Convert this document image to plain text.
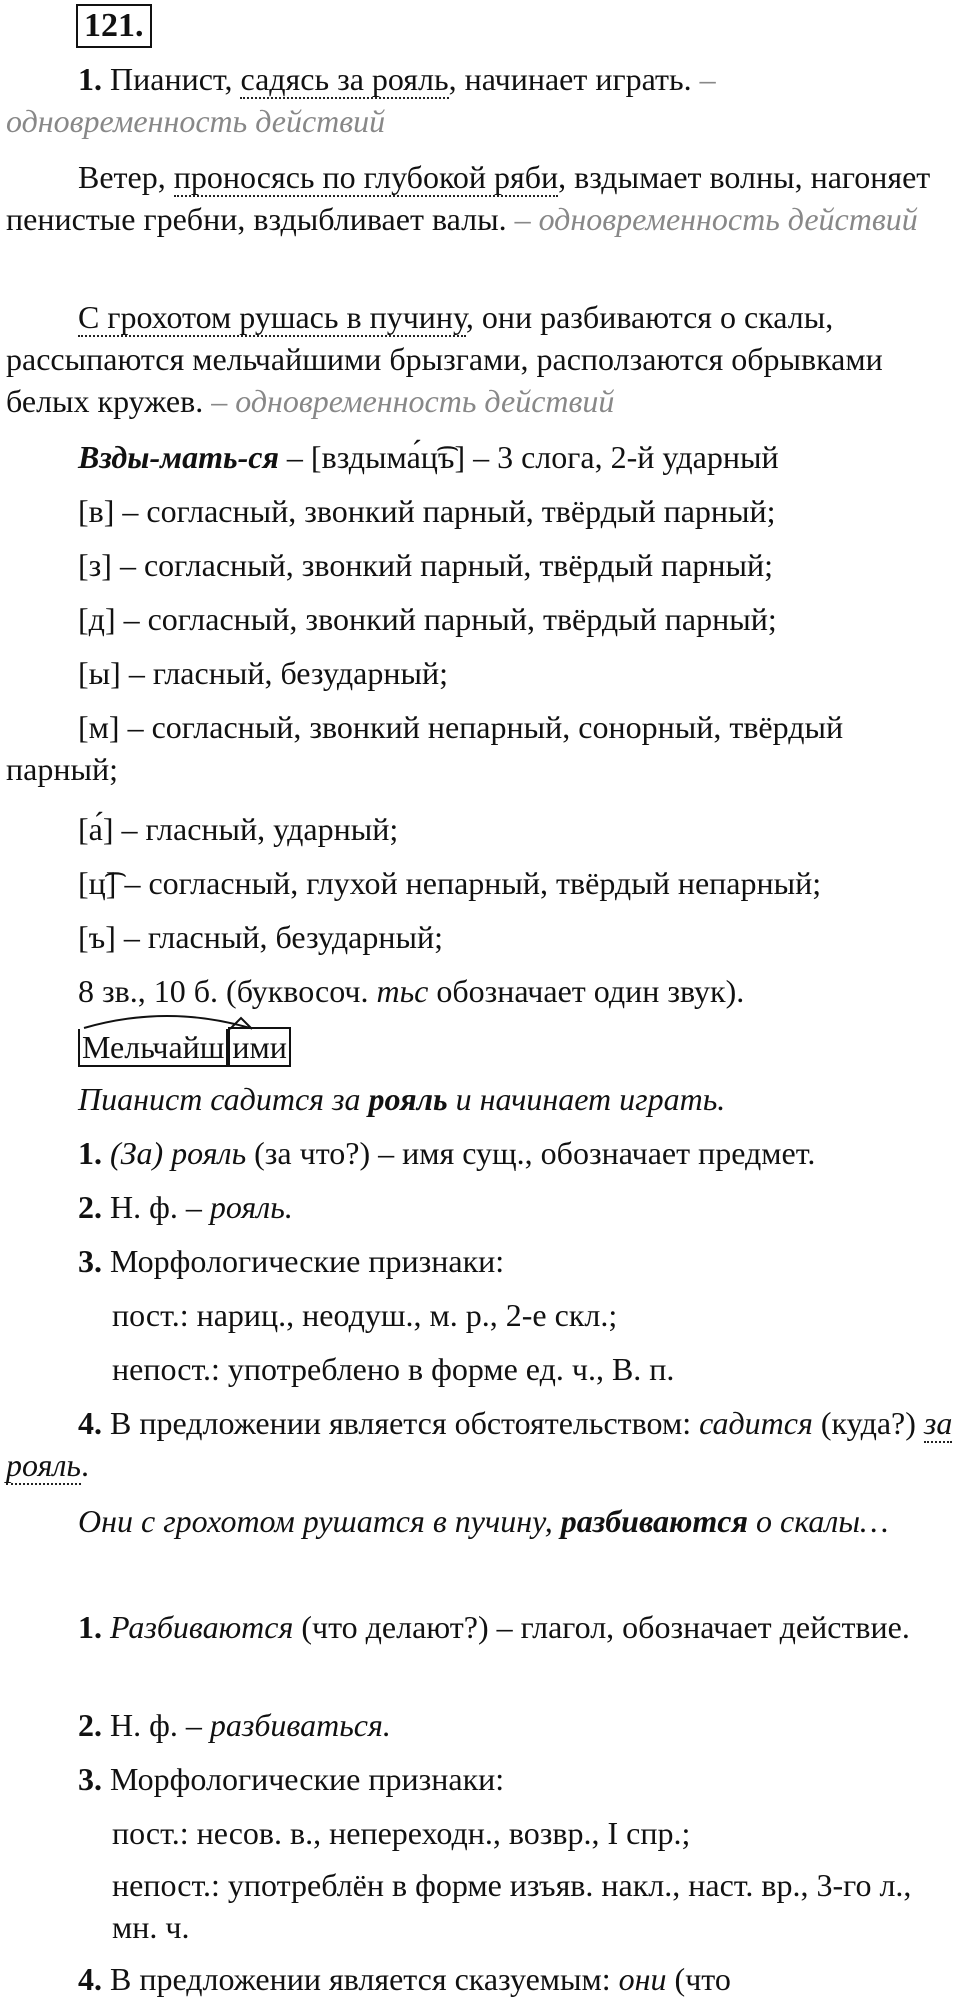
121.
1. Пианист, садясь за рояль, начинает играть. – одновременность действий
Ветер, проносясь по глубокой ряби, вздымает волны, нагоняет пенистые гребни, вздыбливает валы. – одновременность действий
С грохотом рушась в пучину, они разбиваются о скалы, рассыпаются мельчайшими брызгами, расползаются обрывками белых кружев. – одновременность действий
Взды-мать-ся – [вздыма́ц͡ъ] – 3 слога, 2-й ударный
[в] – согласный, звонкий парный, твёрдый парный;
[з] – согласный, звонкий парный, твёрдый парный;
[д] – согласный, звонкий парный, твёрдый парный;
[ы] – гласный, безударный;
[м] – согласный, звонкий непарный, сонорный, твёрдый парный;
[а́] – гласный, ударный;
[ц͡] – согласный, глухой непарный, твёрдый непарный;
[ъ] – гласный, безударный;
8 зв., 10 б. (буквосоч. тьс обозначает один звук).
Мельчайш ими
Пианист садится за рояль и начинает играть.
1. (За) рояль (за что?) – имя сущ., обозначает предмет.
2. Н. ф. – рояль.
3. Морфологические признаки:
пост.: нариц., неодуш., м. р., 2-е скл.;
непост.: употреблено в форме ед. ч., В. п.
4. В предложении является обстоятельством: садится (куда?) за рояль.
Они с грохотом рушатся в пучину, разбиваются о скалы…
1. Разбиваются (что делают?) – глагол, обозначает действие.
2. Н. ф. – разбиваться.
3. Морфологические признаки:
пост.: несов. в., непереходн., возвр., I спр.;
непост.: употреблён в форме изъяв. накл., наст. вр., 3-го л., мн. ч.
4. В предложении является сказуемым: они (что
